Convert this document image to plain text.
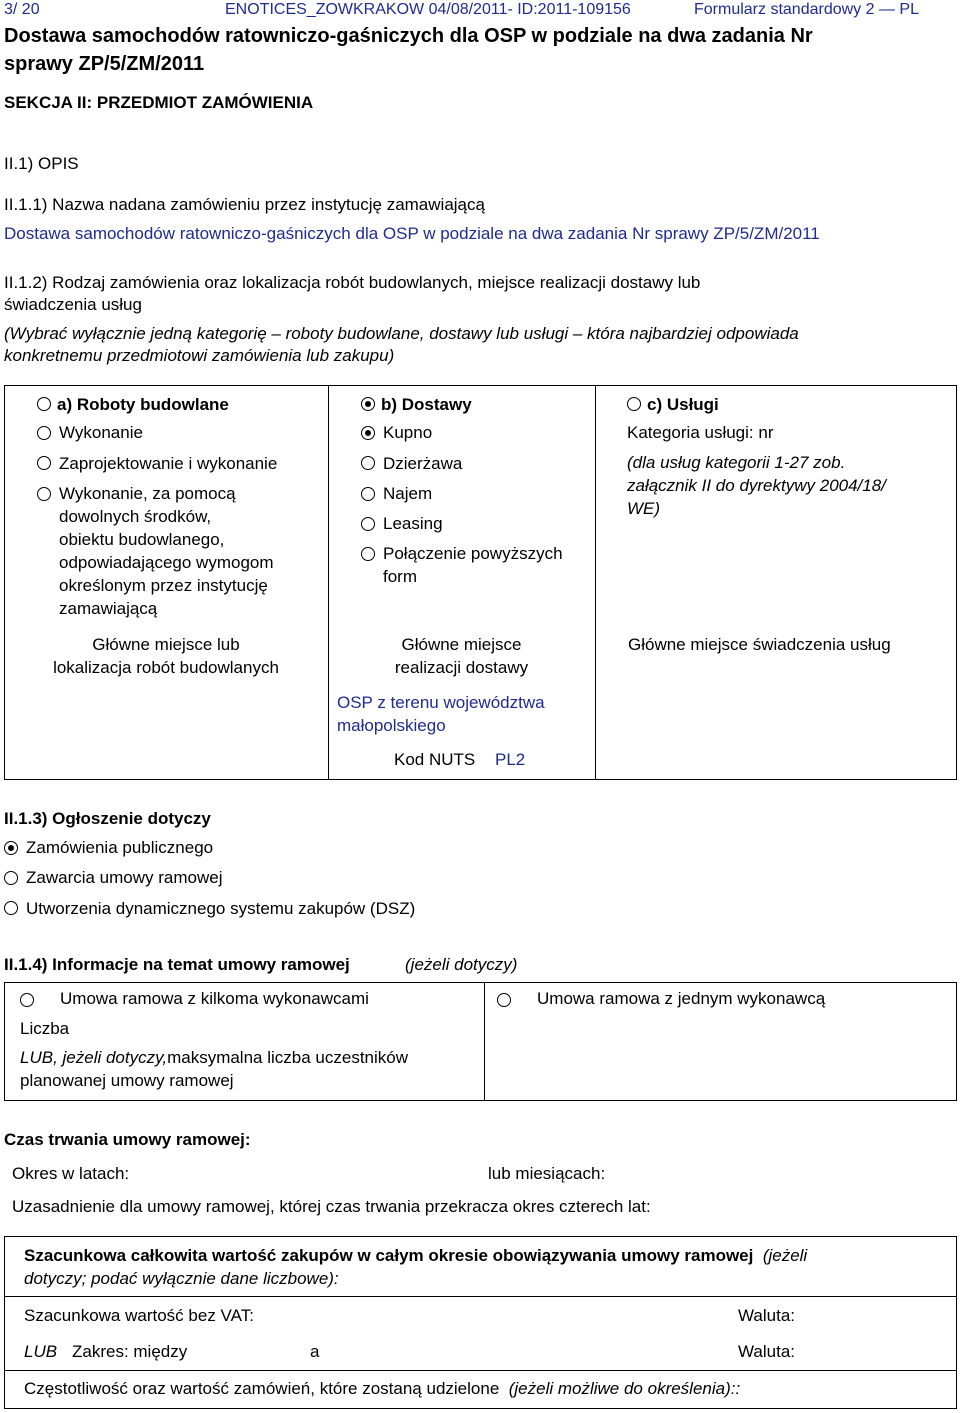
3/ 20	ENOTICES_ZOWKRAKOW 04/08/2011- ID:2011-109156	Formularz standardowy 2 — PL
Dostawa samochodów ratowniczo-gaśniczych dla OSP w podziale na dwa zadania Nr
sprawy ZP/5/ZM/2011
SEKCJA II: PRZEDMIOT ZAMÓWIENIA
II.1) OPIS
II.1.1) Nazwa nadana zamówieniu przez instytucję zamawiającą
Dostawa samochodów ratowniczo-gaśniczych dla OSP w podziale na dwa zadania Nr sprawy ZP/5/ZM/2011
II.1.2) Rodzaj zamówienia oraz lokalizacja robót budowlanych, miejsce realizacji dostawy lub
świadczenia usług
(Wybrać wyłącznie jedną kategorię – roboty budowlane, dostawy lub usługi – która najbardziej odpowiada
konkretnemu przedmiotowi zamówienia lub zakupu)
a) Roboty budowlane
Wykonanie
Zaprojektowanie i wykonanie
Wykonanie, za pomocą
dowolnych środków,
obiektu budowlanego,
odpowiadającego wymogom
określonym przez instytucję
zamawiającą
Główne miejsce lub
lokalizacja robót budowlanych
b) Dostawy
Kupno
Dzierżawa
Najem
Leasing
Połączenie powyższych
form
Główne miejsce
realizacji dostawy
OSP z terenu województwa
małopolskiego
Kod NUTS PL2
c) Usługi
Kategoria usługi: nr
(dla usług kategorii 1-27 zob.
załącznik II do dyrektywy 2004/18/
WE)
Główne miejsce świadczenia usług
II.1.3) Ogłoszenie dotyczy
Zamówienia publicznego
Zawarcia umowy ramowej
Utworzenia dynamicznego systemu zakupów (DSZ)
II.1.4) Informacje na temat umowy ramowej	(jeżeli dotyczy)
Umowa ramowa z kilkoma wykonawcami	Umowa ramowa z jednym wykonawcą
Liczba
LUB, jeżeli dotyczy,maksymalna liczba uczestników
planowanej umowy ramowej
Czas trwania umowy ramowej:
Okres w latach:	lub miesiącach:
Uzasadnienie dla umowy ramowej, której czas trwania przekracza okres czterech lat:
Szacunkowa całkowita wartość zakupów w całym okresie obowiązywania umowy ramowej (jeżeli
dotyczy; podać wyłącznie dane liczbowe):
Szacunkowa wartość bez VAT:	Waluta:
LUB Zakres: między	a	Waluta:
Częstotliwość oraz wartość zamówień, które zostaną udzielone (jeżeli możliwe do określenia)::
